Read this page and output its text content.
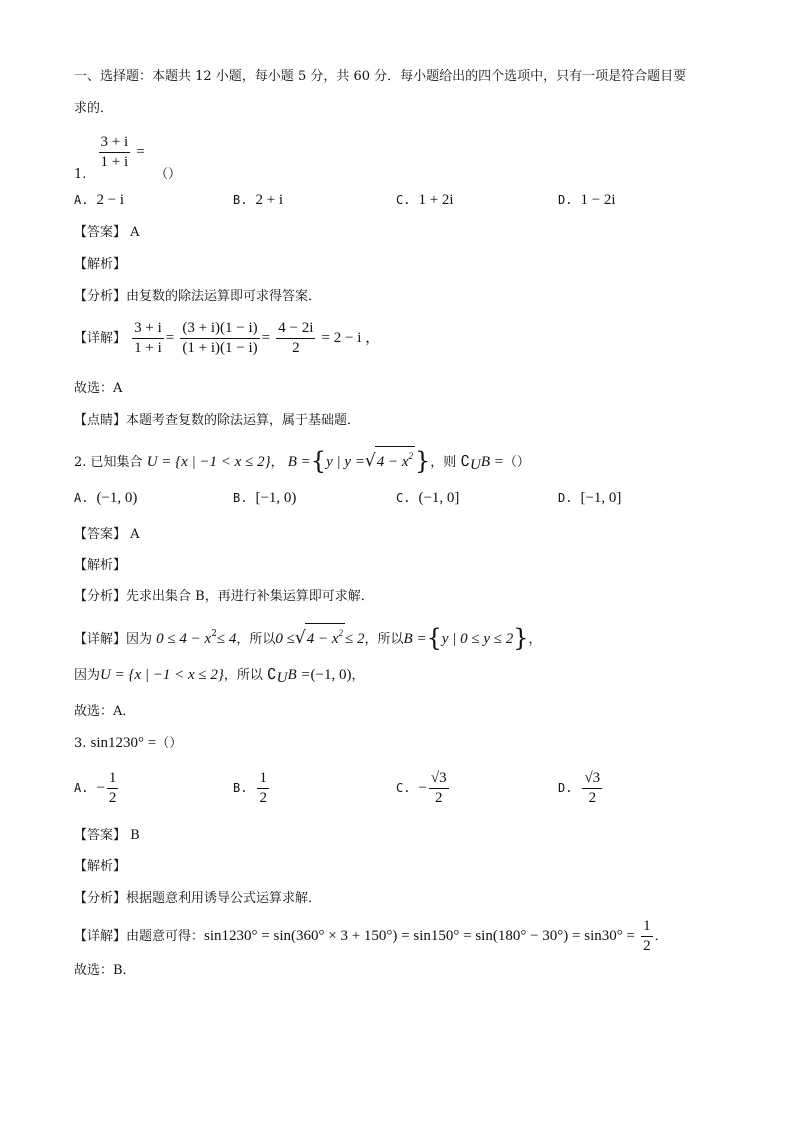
一、选择题：本题共 12 小题，每小题 5 分，共 60 分．每小题给出的四个选项中，只有一项是符合题目要
求的．
1.
$\frac{3 + i}{1 + i}$ = （）
A. 2 − i	B. 2 + i	C. 1 + 2i	D. 1 − 2i
【答案】 A
【解析】
【分析】由复数的除法运算即可求得答案．
【详解】 $\frac{3 + i}{1 + i} = \frac{(3 + i)(1 - i)}{(1 + i)(1 - i)} = \frac{4 - 2i}{2} = 2 - i$ ，
故选：A
【点睛】本题考查复数的除法运算，属于基础题．
2. 已知集合 U = {x | −1 < x ≤ 2}， B ={y | $y =√4 - x^2$}，则 $∁_UB$ =（）
A. (−1, 0)	B. [−1, 0)	C. (−1, 0]	D. [−1, 0]
【答案】 A
【解析】
【分析】先求出集合 B，再进行补集运算即可求解．
【详解】因为 $0 \le 4 - x^2\le 4$，所以$0 \le√4 - x^2 \le 2$，所以B ={y | 0 ≤ y ≤ 2}，
因为U = {x | −1 < x ≤ 2}，所以 $∁_UB =(-1$, 0)，
故选：A．
3. sin1230° =（）
A. − $\frac{1}{2}$	B. $\frac{1}{2}$	C. − $\frac{√3}{2}$	D. $\frac{√3}{2}$
【答案】 B
【解析】
【分析】根据题意利用诱导公式运算求解．
【详解】由题意可得：$\sin 1230^\circ = \sin(360^\circ \times 3 + 150^\circ) = \sin 150^\circ = \sin(180^\circ - 30^\circ) = \sin 30^\circ = \frac{1}{2}$ ．
故选：B．
